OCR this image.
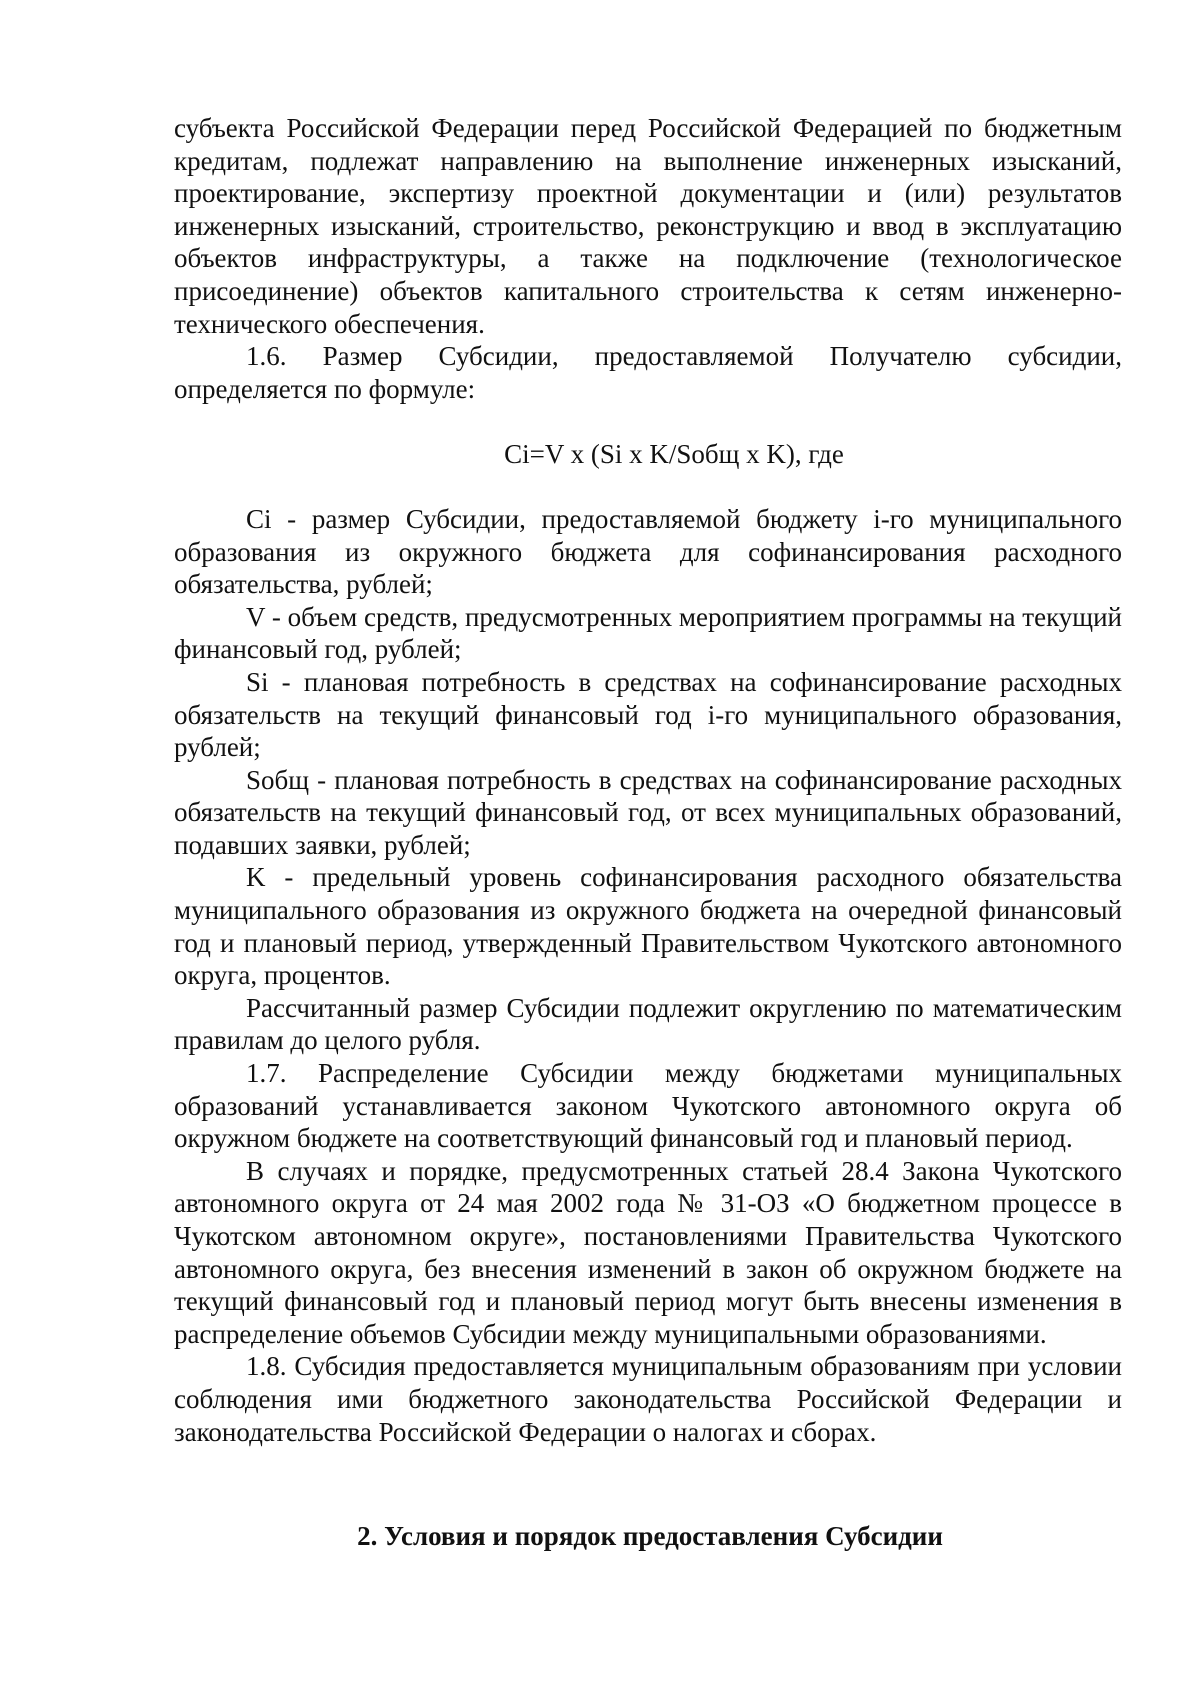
субъекта Российской Федерации перед Российской Федерацией по бюджетным кредитам, подлежат направлению на выполнение инженерных изысканий, проектирование, экспертизу проектной документации и (или) результатов инженерных изысканий, строительство, реконструкцию и ввод в эксплуатацию объектов инфраструктуры, а также на подключение (технологическое присоединение) объектов капитального строительства к сетям инженерно-технического обеспечения.

1.6. Размер Субсидии, предоставляемой Получателю субсидии, определяется по формуле:

Ci=V x (Si x K/Sобщ x K), где

Ci - размер Субсидии, предоставляемой бюджету i-го муниципального образования из окружного бюджета для софинансирования расходного обязательства, рублей;

V - объем средств, предусмотренных мероприятием программы на текущий финансовый год, рублей;

Si - плановая потребность в средствах на софинансирование расходных обязательств на текущий финансовый год i-го муниципального образования, рублей;

Sобщ - плановая потребность в средствах на софинансирование расходных обязательств на текущий финансовый год, от всех муниципальных образований, подавших заявки, рублей;

K - предельный уровень софинансирования расходного обязательства муниципального образования из окружного бюджета на очередной финансовый год и плановый период, утвержденный Правительством Чукотского автономного округа, процентов.

Рассчитанный размер Субсидии подлежит округлению по математическим правилам до целого рубля.

1.7. Распределение Субсидии между бюджетами муниципальных образований устанавливается законом Чукотского автономного округа об окружном бюджете на соответствующий финансовый год и плановый период.

В случаях и порядке, предусмотренных статьей 28.4 Закона Чукотского автономного округа от 24 мая 2002 года № 31-ОЗ «О бюджетном процессе в Чукотском автономном округе», постановлениями Правительства Чукотского автономного округа, без внесения изменений в закон об окружном бюджете на текущий финансовый год и плановый период могут быть внесены изменения в распределение объемов Субсидии между муниципальными образованиями.

1.8. Субсидия предоставляется муниципальным образованиям при условии соблюдения ими бюджетного законодательства Российской Федерации и законодательства Российской Федерации о налогах и сборах.

2. Условия и порядок предоставления Субсидии
